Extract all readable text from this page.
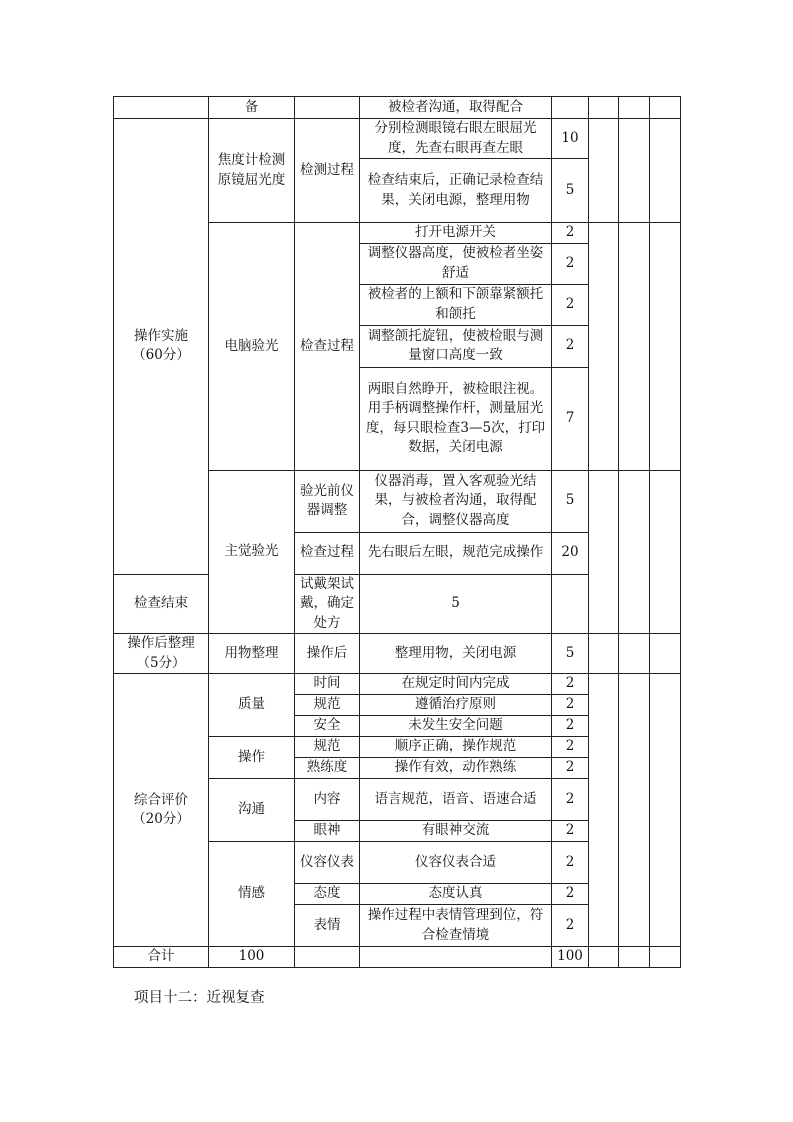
	备		被检者沟通，取得配合				
操作实施
（60分）	焦度计检测原镜屈光度	检测过程	分别检测眼镜右眼左眼屈光度，先查右眼再查左眼	10			
			检查结束后，正确记录检查结果，关闭电源，整理用物	5			
	电脑验光	检查过程	打开电源开关	2			
			调整仪器高度，使被检者坐姿舒适	2			
			被检者的上额和下颌靠紧额托和颌托	2			
			调整颌托旋钮，使被检眼与测量窗口高度一致	2			
			两眼自然睁开，被检眼注视。用手柄调整操作杆，测量屈光度，每只眼检查3—5次，打印数据，关闭电源	7			
	主觉验光	验光前仪器调整	仪器消毒，置入客观验光结果，与被检者沟通，取得配合，调整仪器高度	5			
		检查过程	先右眼后左眼，规范完成操作	20			
检查结束		试戴架试戴，确定处方	5				
操作后整理
（5分）	用物整理	操作后	整理用物，关闭电源	5			
综合评价
（20分）	质量	时间	在规定时间内完成	2			
		规范	遵循治疗原则	2			
		安全	未发生安全问题	2			
	操作	规范	顺序正确，操作规范	2			
		熟练度	操作有效，动作熟练	2			
	沟通	内容	语言规范，语音、语速合适	2			
		眼神	有眼神交流	2			
	情感	仪容仪表	仪容仪表合适	2			
		态度	态度认真	2			
		表情	操作过程中表情管理到位，符合检查情境	2			
合计	100			100			
项目十二：近视复查
